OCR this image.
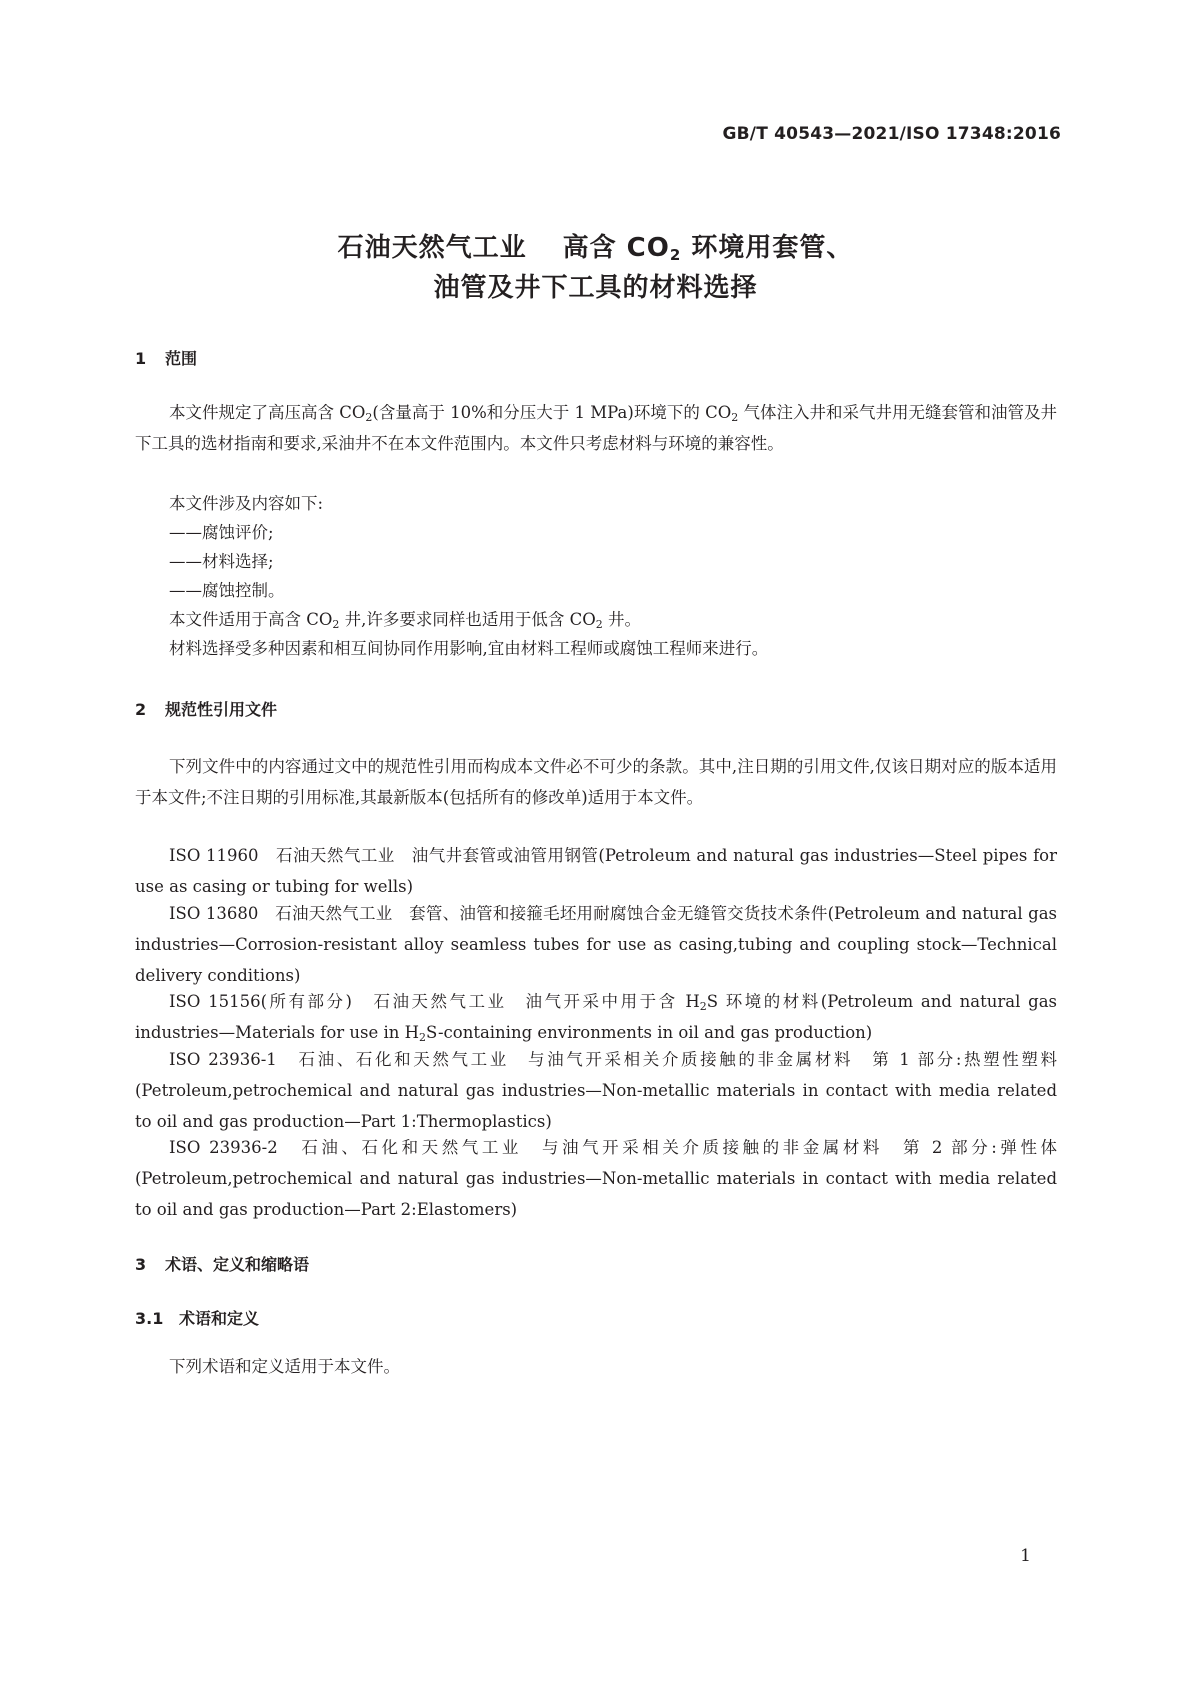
GB/T 40543—2021/ISO 17348:2016
石油天然气工业 高含 $CO_2$ 环境用套管、
油管及井下工具的材料选择
1 范围

本文件规定了高压高含 $CO_2$(含量高于 10%和分压大于 1 MPa)环境下的 $CO_2$ 气体注入井和采气井用无缝套管和油管及井下工具的选材指南和要求,采油井不在本文件范围内。本文件只考虑材料与环境的兼容性。

本文件涉及内容如下:
——腐蚀评价;
——材料选择;
——腐蚀控制。
本文件适用于高含 $CO_2$ 井,许多要求同样也适用于低含 $CO_2$ 井。
材料选择受多种因素和相互间协同作用影响,宜由材料工程师或腐蚀工程师来进行。
2 规范性引用文件

下列文件中的内容通过文中的规范性引用而构成本文件必不可少的条款。其中,注日期的引用文件,仅该日期对应的版本适用于本文件;不注日期的引用标准,其最新版本(包括所有的修改单)适用于本文件。

ISO 11960　石油天然气工业　油气井套管或油管用钢管(Petroleum and natural gas industries—Steel pipes for use as casing or tubing for wells)

ISO 13680　石油天然气工业　套管、油管和接箍毛坯用耐腐蚀合金无缝管交货技术条件(Petroleum and natural gas industries—Corrosion-resistant alloy seamless tubes for use as casing,tubing and coupling stock—Technical delivery conditions)

ISO 15156(所有部分)　石油天然气工业　油气开采中用于含 $H_2S$ 环境的材料(Petroleum and natural gas industries—Materials for use in $H_2S$-containing environments in oil and gas production)

ISO 23936-1　石油、石化和天然气工业　与油气开采相关介质接触的非金属材料　第 1 部分:热塑性塑料(Petroleum,petrochemical and natural gas industries—Non-metallic materials in contact with media related to oil and gas production—Part 1:Thermoplastics)

ISO 23936-2　石油、石化和天然气工业　与油气开采相关介质接触的非金属材料　第 2 部分:弹性体(Petroleum,petrochemical and natural gas industries—Non-metallic materials in contact with media related to oil and gas production—Part 2:Elastomers)

3 术语、定义和缩略语
3.1 术语和定义
下列术语和定义适用于本文件。
1
